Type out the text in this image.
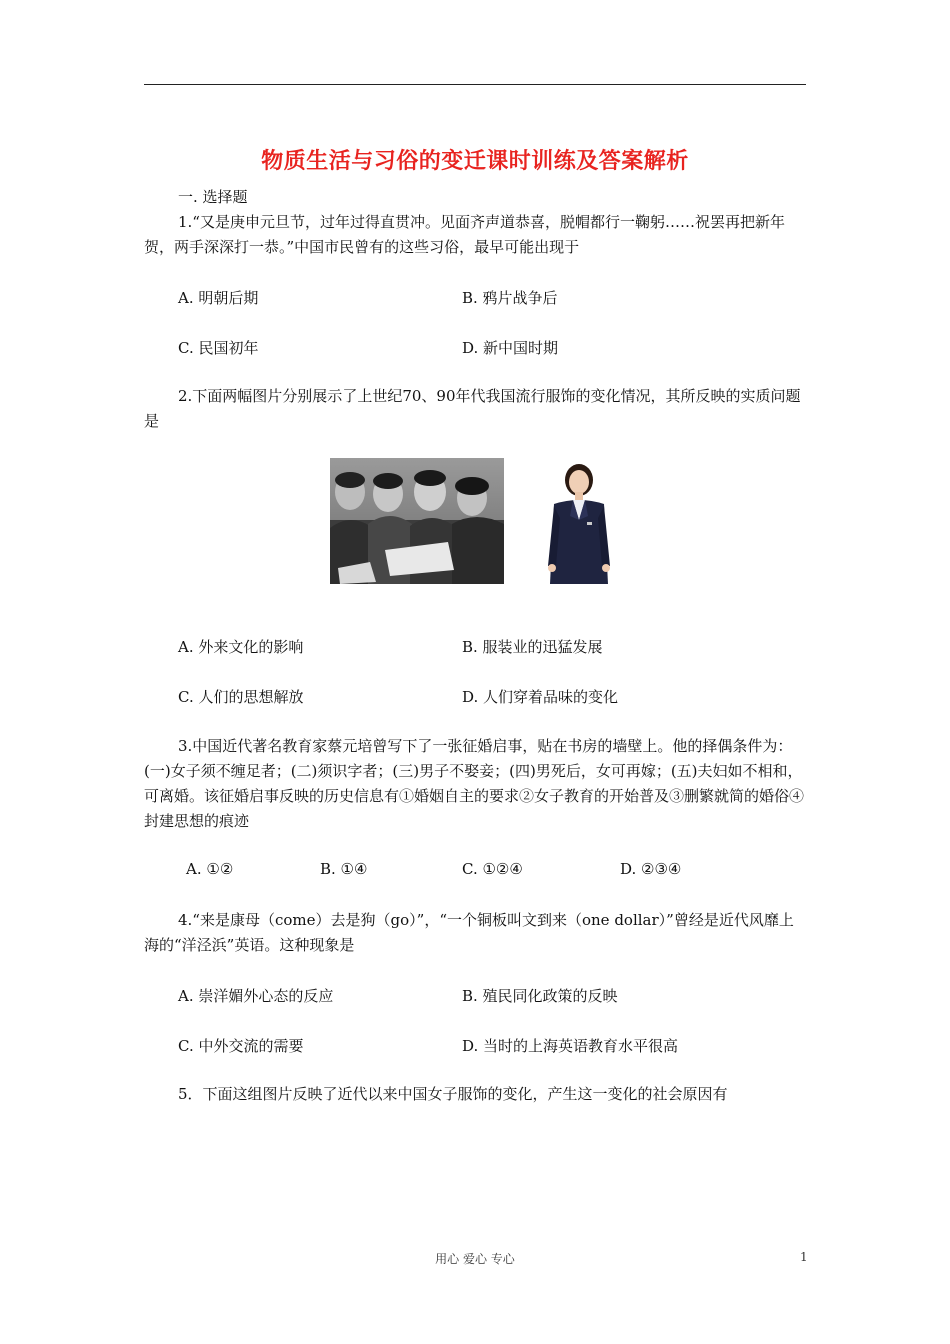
物质生活与习俗的变迁课时训练及答案解析
一. 选择题
1.“又是庚申元旦节，过年过得直贯冲。见面齐声道恭喜，脱帽都行一鞠躬……祝罢再把新年贺，两手深深打一恭。”中国市民曾有的这些习俗，最早可能出现于
A. 明朝后期	B. 鸦片战争后
C. 民国初年	D. 新中国时期
2.下面两幅图片分别展示了上世纪70、90年代我国流行服饰的变化情况，其所反映的实质问题是
A. 外来文化的影响	B. 服装业的迅猛发展
C. 人们的思想解放	D. 人们穿着品味的变化
3.中国近代著名教育家蔡元培曾写下了一张征婚启事，贴在书房的墙壁上。他的择偶条件为：(一)女子须不缠足者；(二)须识字者；(三)男子不娶妾；(四)男死后，女可再嫁；(五)夫妇如不相和，可离婚。该征婚启事反映的历史信息有①婚姻自主的要求②女子教育的开始普及③删繁就简的婚俗④封建思想的痕迹
A. ①②	B. ①④	C. ①②④	D. ②③④
4.“来是康母（come）去是狗（go）”，“一个铜板叫文到来（one dollar）”曾经是近代风靡上海的“洋泾浜”英语。这种现象是
A. 崇洋媚外心态的反应	B. 殖民同化政策的反映
C. 中外交流的需要	D. 当时的上海英语教育水平很高
5．下面这组图片反映了近代以来中国女子服饰的变化，产生这一变化的社会原因有
用心 爱心 专心	1
